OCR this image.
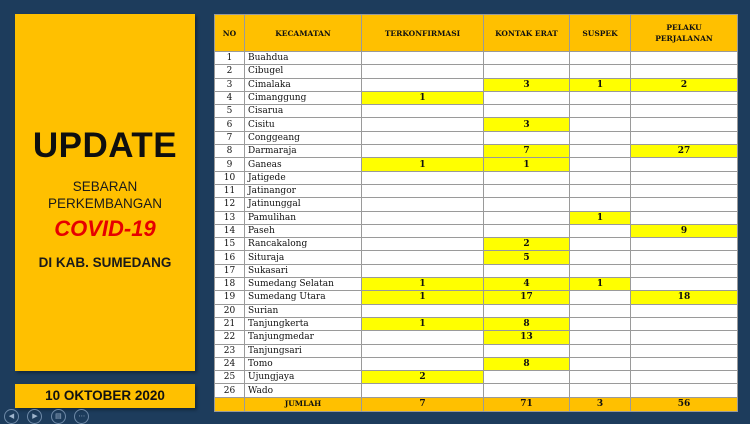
UPDATE
SEBARAN
PERKEMBANGAN
COVID-19
DI KAB. SUMEDANG
10 OKTOBER 2020
NO	KECAMATAN	TERKONFIRMASI	KONTAK ERAT	SUSPEK	PELAKU PERJALANAN
1	Buahdua				
2	Cibugel				
3	Cimalaka		3	1	2
4	Cimanggung	1			
5	Cisarua				
6	Cisitu		3		
7	Conggeang				
8	Darmaraja		7		27
9	Ganeas	1	1		
10	Jatigede				
11	Jatinangor				
12	Jatinunggal				
13	Pamulihan			1	
14	Paseh				9
15	Rancakalong		2		
16	Situraja		5		
17	Sukasari				
18	Sumedang Selatan	1	4	1	
19	Sumedang Utara	1	17		18
20	Surian				
21	Tanjungkerta	1	8		
22	Tanjungmedar		13		
23	Tanjungsari				
24	Tomo		8		
25	Ujungjaya	2			
26	Wado				
	JUMLAH	7	71	3	56
◀	▶ ▤ ⋯
